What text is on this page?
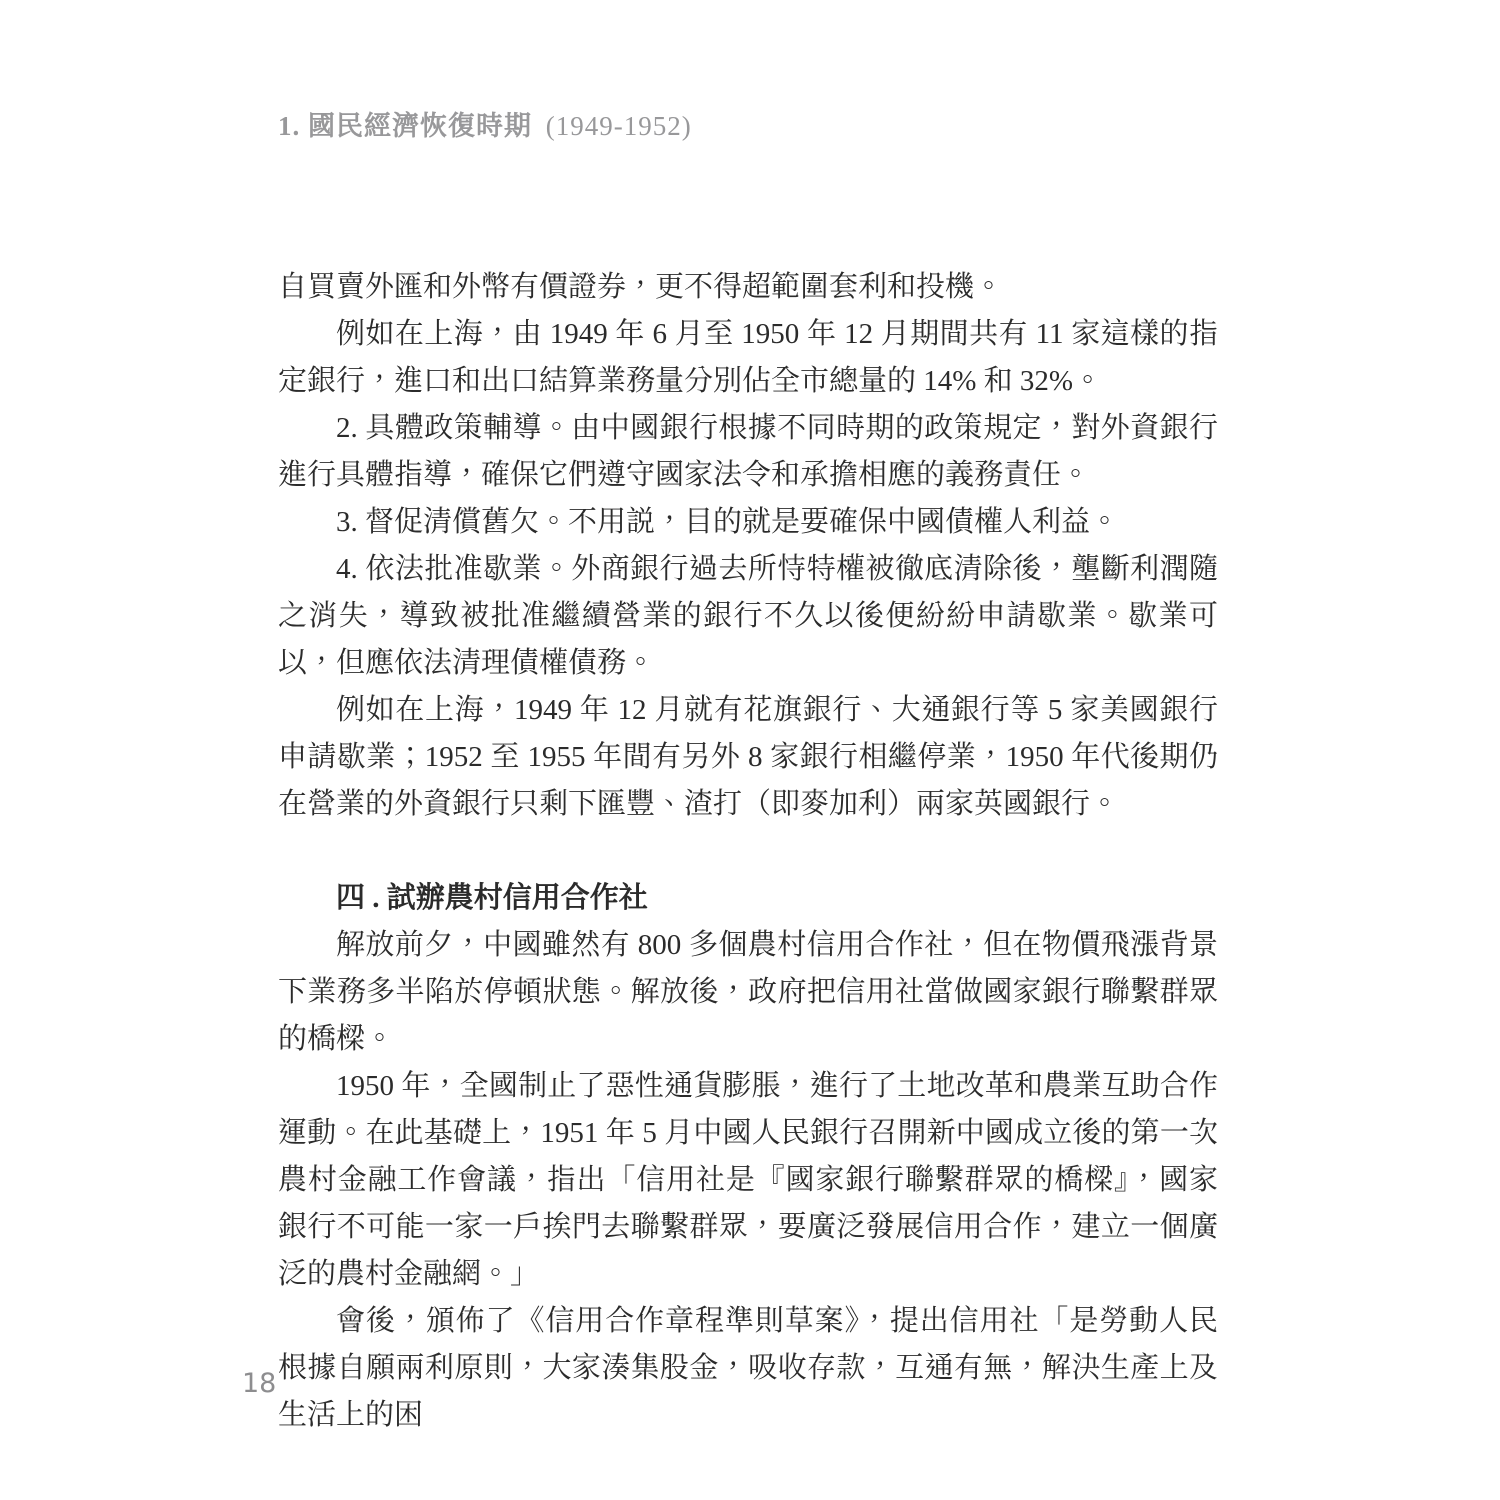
1. 國民經濟恢復時期 (1949-1952)

自買賣外匯和外幣有價證券，更不得超範圍套利和投機。

例如在上海，由 1949 年 6 月至 1950 年 12 月期間共有 11 家這樣的指定銀行，進口和出口結算業務量分別佔全市總量的 14% 和 32%。

2. 具體政策輔導。由中國銀行根據不同時期的政策規定，對外資銀行進行具體指導，確保它們遵守國家法令和承擔相應的義務責任。

3. 督促清償舊欠。不用説，目的就是要確保中國債權人利益。

4. 依法批准歇業。外商銀行過去所恃特權被徹底清除後，壟斷利潤隨之消失，導致被批准繼續營業的銀行不久以後便紛紛申請歇業。歇業可以，但應依法清理債權債務。

例如在上海，1949 年 12 月就有花旗銀行、大通銀行等 5 家美國銀行申請歇業；1952 至 1955 年間有另外 8 家銀行相繼停業，1950 年代後期仍在營業的外資銀行只剩下匯豐、渣打（即麥加利）兩家英國銀行。

四 . 試辦農村信用合作社

解放前夕，中國雖然有 800 多個農村信用合作社，但在物價飛漲背景下業務多半陷於停頓狀態。解放後，政府把信用社當做國家銀行聯繫群眾的橋樑。

1950 年，全國制止了惡性通貨膨脹，進行了土地改革和農業互助合作運動。在此基礎上，1951 年 5 月中國人民銀行召開新中國成立後的第一次農村金融工作會議，指出「信用社是『國家銀行聯繫群眾的橋樑』，國家銀行不可能一家一戶挨門去聯繫群眾，要廣泛發展信用合作，建立一個廣泛的農村金融網。」

會後，頒佈了《信用合作章程準則草案》，提出信用社「是勞動人民根據自願兩利原則，大家湊集股金，吸收存款，互通有無，解決生產上及生活上的困

18
